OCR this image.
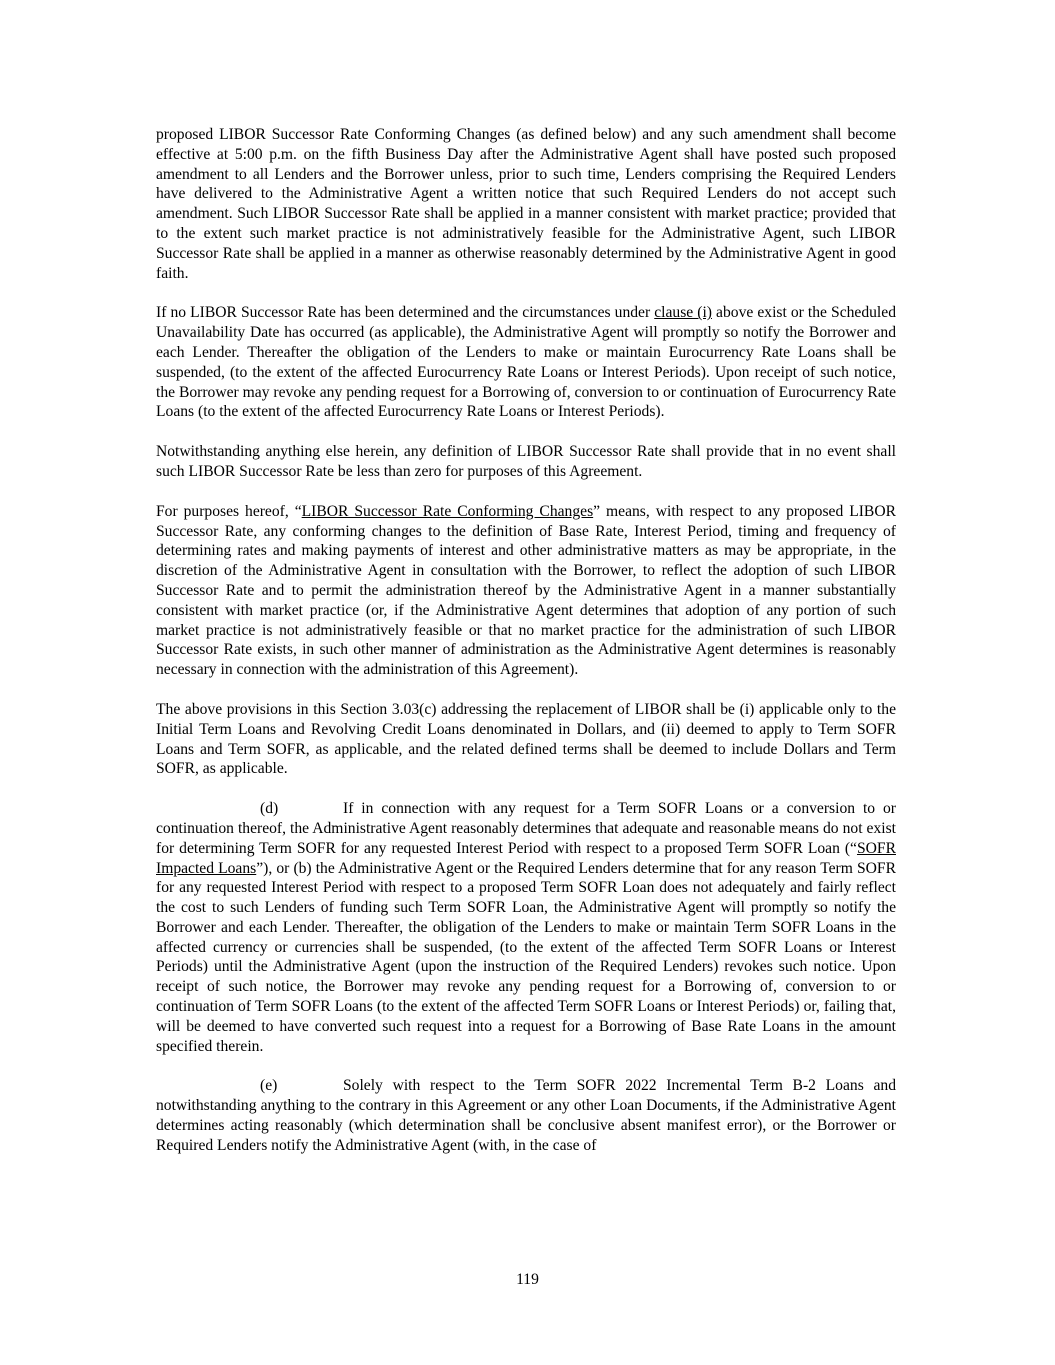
proposed LIBOR Successor Rate Conforming Changes (as defined below) and any such amendment shall become effective at 5:00 p.m. on the fifth Business Day after the Administrative Agent shall have posted such proposed amendment to all Lenders and the Borrower unless, prior to such time, Lenders comprising the Required Lenders have delivered to the Administrative Agent a written notice that such Required Lenders do not accept such amendment. Such LIBOR Successor Rate shall be applied in a manner consistent with market practice; provided that to the extent such market practice is not administratively feasible for the Administrative Agent, such LIBOR Successor Rate shall be applied in a manner as otherwise reasonably determined by the Administrative Agent in good faith.

If no LIBOR Successor Rate has been determined and the circumstances under clause (i) above exist or the Scheduled Unavailability Date has occurred (as applicable), the Administrative Agent will promptly so notify the Borrower and each Lender. Thereafter the obligation of the Lenders to make or maintain Eurocurrency Rate Loans shall be suspended, (to the extent of the affected Eurocurrency Rate Loans or Interest Periods). Upon receipt of such notice, the Borrower may revoke any pending request for a Borrowing of, conversion to or continuation of Eurocurrency Rate Loans (to the extent of the affected Eurocurrency Rate Loans or Interest Periods).

Notwithstanding anything else herein, any definition of LIBOR Successor Rate shall provide that in no event shall such LIBOR Successor Rate be less than zero for purposes of this Agreement.

For purposes hereof, “LIBOR Successor Rate Conforming Changes” means, with respect to any proposed LIBOR Successor Rate, any conforming changes to the definition of Base Rate, Interest Period, timing and frequency of determining rates and making payments of interest and other administrative matters as may be appropriate, in the discretion of the Administrative Agent in consultation with the Borrower, to reflect the adoption of such LIBOR Successor Rate and to permit the administration thereof by the Administrative Agent in a manner substantially consistent with market practice (or, if the Administrative Agent determines that adoption of any portion of such market practice is not administratively feasible or that no market practice for the administration of such LIBOR Successor Rate exists, in such other manner of administration as the Administrative Agent determines is reasonably necessary in connection with the administration of this Agreement).

The above provisions in this Section 3.03(c) addressing the replacement of LIBOR shall be (i) applicable only to the Initial Term Loans and Revolving Credit Loans denominated in Dollars, and (ii) deemed to apply to Term SOFR Loans and Term SOFR, as applicable, and the related defined terms shall be deemed to include Dollars and Term SOFR, as applicable.

(d)	If in connection with any request for a Term SOFR Loans or a conversion to or continuation thereof, the Administrative Agent reasonably determines that adequate and reasonable means do not exist for determining Term SOFR for any requested Interest Period with respect to a proposed Term SOFR Loan (“SOFR Impacted Loans”), or (b) the Administrative Agent or the Required Lenders determine that for any reason Term SOFR for any requested Interest Period with respect to a proposed Term SOFR Loan does not adequately and fairly reflect the cost to such Lenders of funding such Term SOFR Loan, the Administrative Agent will promptly so notify the Borrower and each Lender. Thereafter, the obligation of the Lenders to make or maintain Term SOFR Loans in the affected currency or currencies shall be suspended, (to the extent of the affected Term SOFR Loans or Interest Periods) until the Administrative Agent (upon the instruction of the Required Lenders) revokes such notice. Upon receipt of such notice, the Borrower may revoke any pending request for a Borrowing of, conversion to or continuation of Term SOFR Loans (to the extent of the affected Term SOFR Loans or Interest Periods) or, failing that, will be deemed to have converted such request into a request for a Borrowing of Base Rate Loans in the amount specified therein.

(e)	Solely with respect to the Term SOFR 2022 Incremental Term B-2 Loans and notwithstanding anything to the contrary in this Agreement or any other Loan Documents, if the Administrative Agent determines acting reasonably (which determination shall be conclusive absent manifest error), or the Borrower or Required Lenders notify the Administrative Agent (with, in the case of

119
